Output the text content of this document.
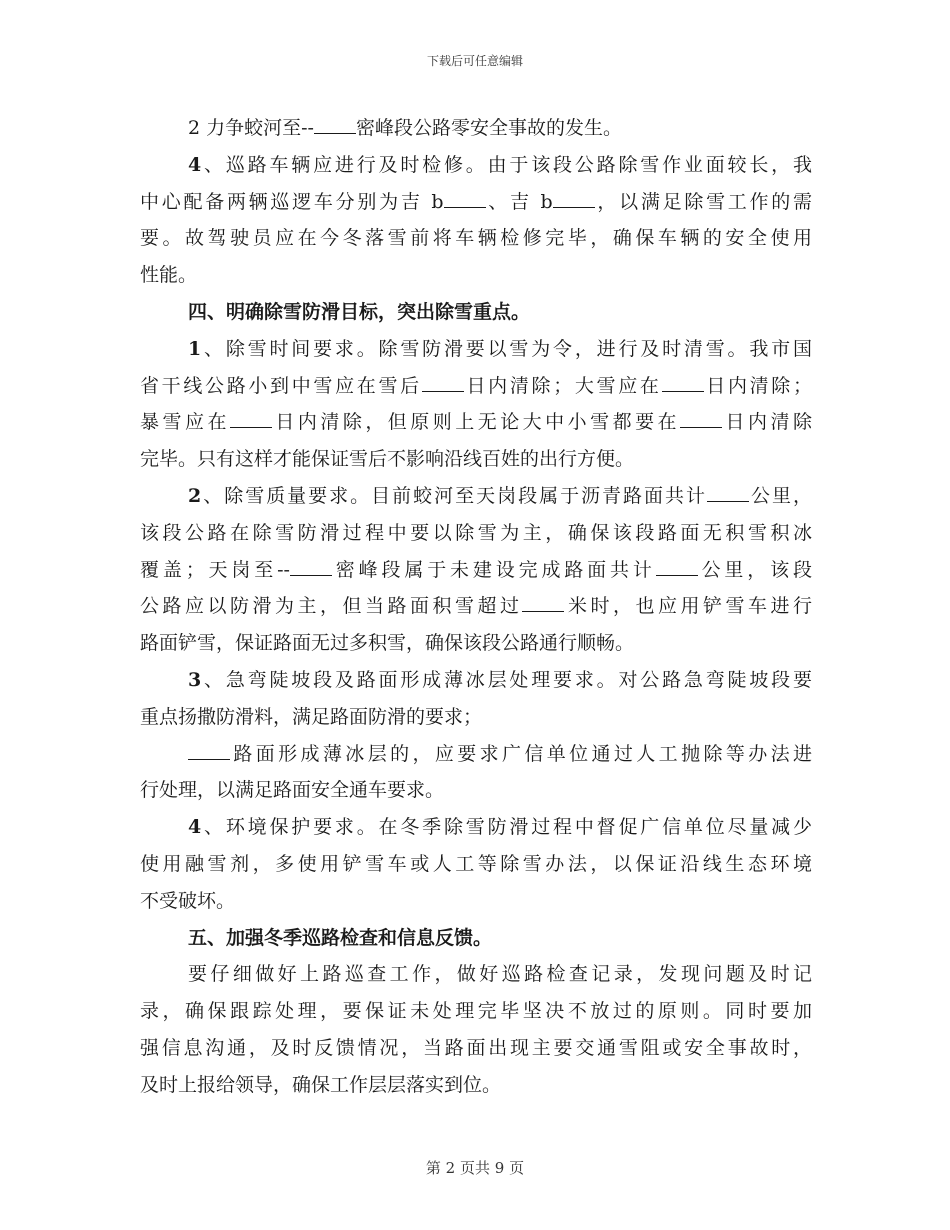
下载后可任意编辑
2 力争蛟河至-- 密峰段公路零安全事故的发生。
4、巡路车辆应进行及时检修。由于该段公路除雪作业面较长，我
中心配备两辆巡逻车分别为吉 b 、吉 b ，以满足除雪工作的需
要。故驾驶员应在今冬落雪前将车辆检修完毕，确保车辆的安全使用
性能。
四、明确除雪防滑目标，突出除雪重点。
1、除雪时间要求。除雪防滑要以雪为令，进行及时清雪。我市国
省干线公路小到中雪应在雪后 日内清除；大雪应在 日内清除；
暴雪应在 日内清除，但原则上无论大中小雪都要在 日内清除
完毕。只有这样才能保证雪后不影响沿线百姓的出行方便。
2、除雪质量要求。目前蛟河至天岗段属于沥青路面共计 公里，
该段公路在除雪防滑过程中要以除雪为主，确保该段路面无积雪积冰
覆盖；天岗至-- 密峰段属于未建设完成路面共计 公里，该段
公路应以防滑为主，但当路面积雪超过 米时，也应用铲雪车进行
路面铲雪，保证路面无过多积雪，确保该段公路通行顺畅。
3、急弯陡坡段及路面形成薄冰层处理要求。对公路急弯陡坡段要
重点扬撒防滑料，满足路面防滑的要求；
路面形成薄冰层的，应要求广信单位通过人工抛除等办法进
行处理，以满足路面安全通车要求。
4、环境保护要求。在冬季除雪防滑过程中督促广信单位尽量减少
使用融雪剂，多使用铲雪车或人工等除雪办法，以保证沿线生态环境
不受破坏。
五、加强冬季巡路检查和信息反馈。
要仔细做好上路巡查工作，做好巡路检查记录，发现问题及时记
录，确保跟踪处理，要保证未处理完毕坚决不放过的原则。同时要加
强信息沟通，及时反馈情况，当路面出现主要交通雪阻或安全事故时，
及时上报给领导，确保工作层层落实到位。
第 2 页共 9 页
